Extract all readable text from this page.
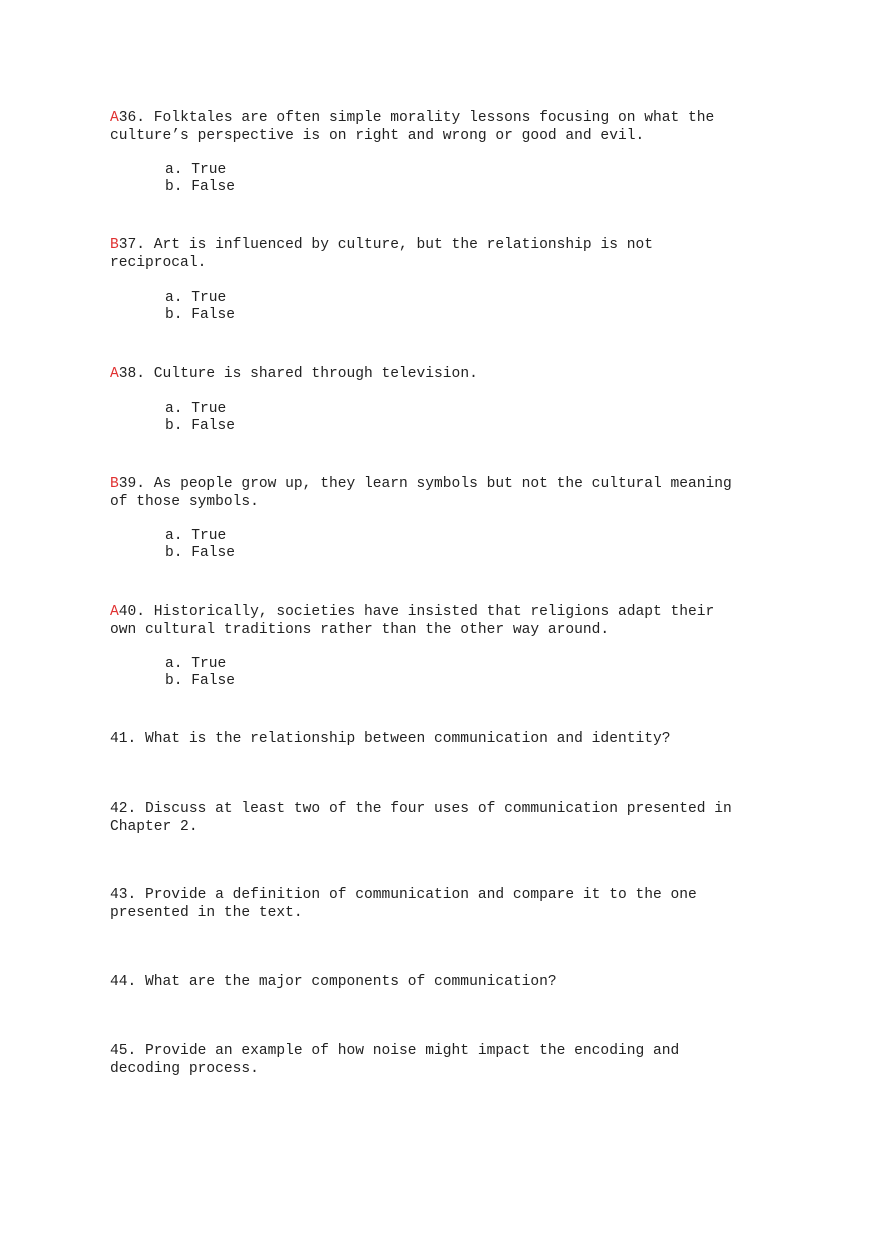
A36. Folktales are often simple morality lessons focusing on what the
culture’s perspective is on right and wrong or good and evil.
a. True
b. False
B37. Art is influenced by culture, but the relationship is not
reciprocal.
a. True
b. False
A38. Culture is shared through television.
a. True
b. False
B39. As people grow up, they learn symbols but not the cultural meaning
of those symbols.
a. True
b. False
A40. Historically, societies have insisted that religions adapt their
own cultural traditions rather than the other way around.
a. True
b. False
41. What is the relationship between communication and identity?
42. Discuss at least two of the four uses of communication presented in
Chapter 2.
43. Provide a definition of communication and compare it to the one
presented in the text.
44. What are the major components of communication?
45. Provide an example of how noise might impact the encoding and
decoding process.
